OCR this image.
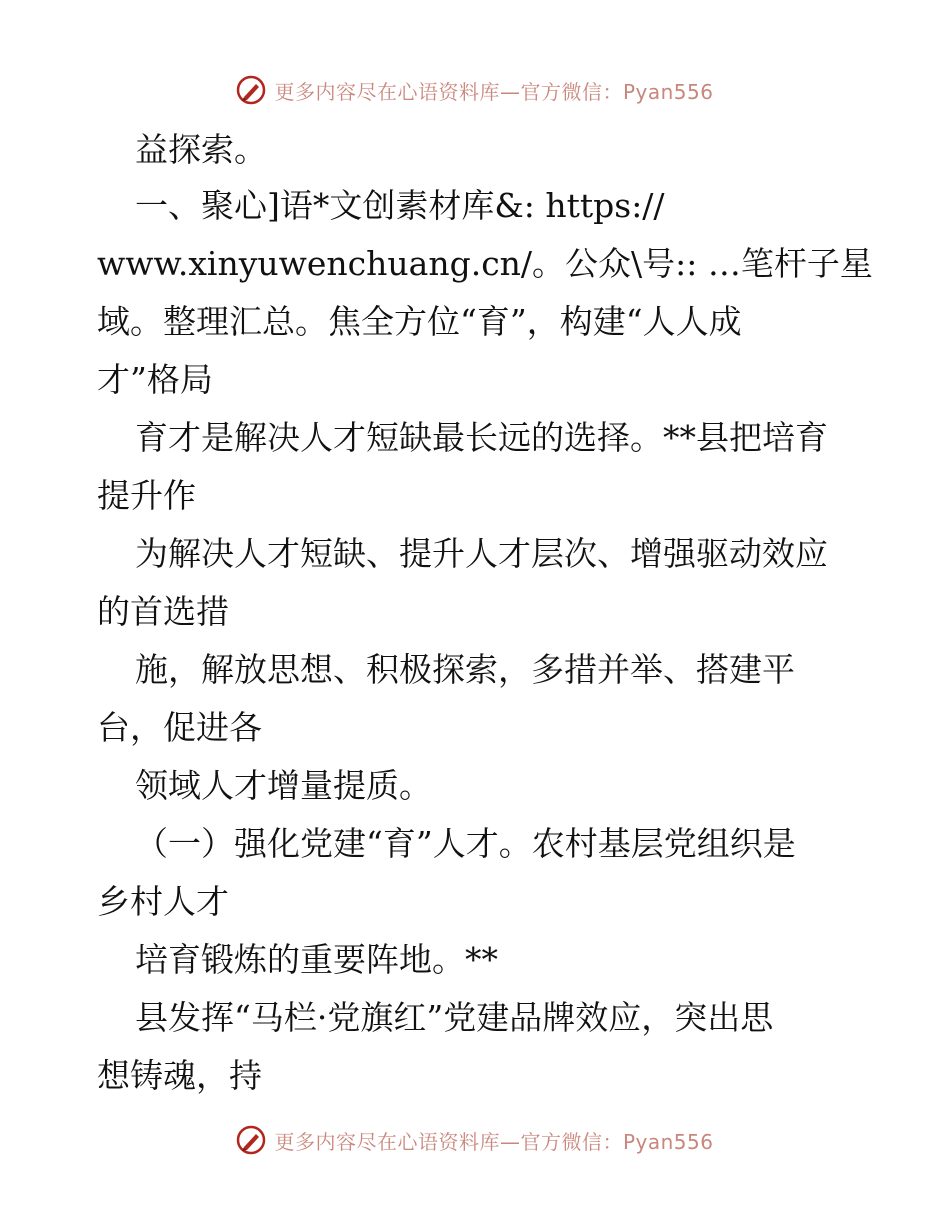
更多内容尽在心语资料库—官方微信：Pyan556
益探索。
一、聚心]语*文创素材库&: https://
www.xinyuwenchuang.cn/。公众\号:: …笔杆子星
域。整理汇总。焦全方位“育”，构建“人人成
才”格局
育才是解决人才短缺最长远的选择。**县把培育
提升作
为解决人才短缺、提升人才层次、增强驱动效应
的首选措
施，解放思想、积极探索，多措并举、搭建平
台，促进各
领域人才增量提质。
（一）强化党建“育”人才。农村基层党组织是
乡村人才
培育锻炼的重要阵地。**
县发挥“马栏·党旗红”党建品牌效应，突出思
想铸魂，持
更多内容尽在心语资料库—官方微信：Pyan556
